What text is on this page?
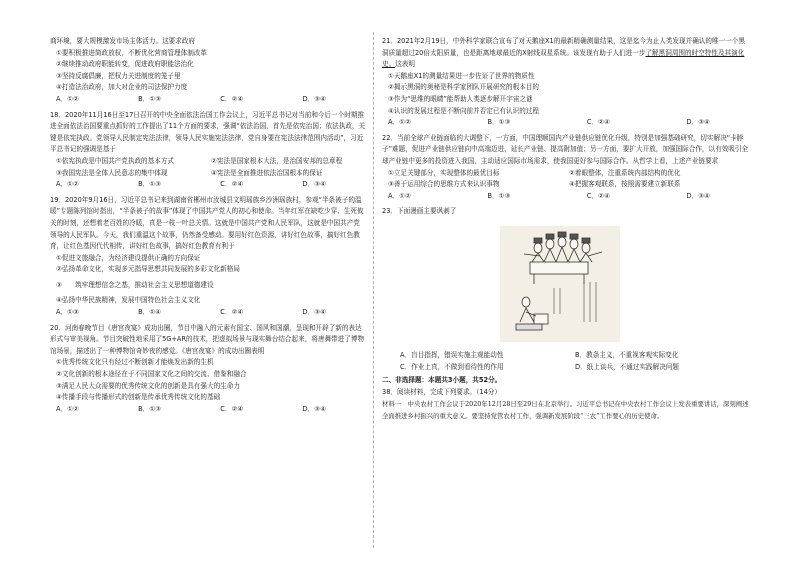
商环境，要大规模激发市场主体活力。这要求政府

①要积极推进简政放权，不断优化营商管理体制改革

②继续推动政府职能转变，促进政府职能法治化

③坚持反腐倡廉，把权力关进制度的笼子里

④打造法治政府，加大对企业的司法保护力度

A．①②	B．①③	C．②④	D．③④

18．2020年11月16日至17日召开的中央全面依法治国工作会议上，习近平总书记对当前和今后一个时期推进全面依法治国要重点抓好的工作提出了11个方面的要求，强调“依法治国，首先是依宪治国；依法执政，关键是依宪执政。党领导人民制定宪法法律，领导人民实施宪法法律，党自身要在宪法法律范围内活动”，习近平总书记的强调是基于

①依宪执政是中国共产党执政的基本方式	②宪法是国家根本大法，是治国安邦的总章程
③我国宪法是全体人民意志的集中体现	④宪法是全面推进依法治国根本的保证
A．①②	B．①③	C．②④	D．③④

19．2020年9月16日，习近平总书记来到湖南省郴州市汝城县文明瑶族乡沙洲瑶族村，参观“半条被子的温暖”专题陈列馆时指出，“半条被子的故事”体现了中国共产党人的初心和使命。当年红军在缺吃少穿、生死攸关的时刻，还想着老百姓的冷暖，真是一枝一叶总关情。这就是中国共产党和人民军队，这就是中国共产党领导的人民军队。今天，我们重温这个故事，仍然备受感动。要用好红色资源，讲好红色故事，搞好红色教育，让红色基因代代相传，讲好红色故事，搞好红色教育有利于

①促进文旅融合，为经济建设提供正确的方向保证

②弘扬革命文化，实现多元指导思想共同发展的多彩文化新格局

③　　筑牢理想信念之基，推动社会主义思想道德建设

④弘扬中华民族精神，发展中国特色社会主义文化

A．①③	B．①④	C．②④	D．③④

20．河南春晚节目《唐宫夜宴》成功出圈，节目中融入的元素有国宝、国风和国潮，呈现和开辟了新的表达形式与审美视角。节目突破性地采用了5G+AR的技术，把虚拟场景与现实舞台结合起来，将唐舞带进了博物馆场景，描述出了一种博物馆奇妙夜的感觉。《唐宫夜宴》的成功出圈表明

①优秀传统文化只有经过不断创新才能焕发出新的生机

②文化创新的根本途径在于不同国家文化之间的交流、借鉴和融合

③满足人民大众需要的优秀传统文化的创新是具有强大的生命力

④传播手段与传播形式的创新是传承优秀传统文化的基础

A．①②	B．①③	C．②④	D．③④

21．2021年2月19日，中外科学家联合宣布了对天鹅座X1的最新精确测量结果，这是迄今为止人类发现并确认的唯一一个黑洞质量超过20倍太阳质量，也是距离地球最近的X射线双星系统。该发现有助于人们进一步了解黑洞周围的时空特性及其演化史。这表明

①天鹅座X1的测量结果进一步佐证了世界的物质性

②揭示黑洞的奥秘是科学家团队开展研究的根本目的

③作为“思维的眼睛”能帮助人类逐步解开宇宙之谜

④认识的发展过程是不断向前并否定已有认识的过程

A．①②	B．①③	C．②④	D．③④

22．当前全球产业链面临的大调整下，一方面，中国理顺国内产业链供应链优化升级，特别是加强基础研究，切实解决“卡脖子”难题，促进产业链供应链向中高端迈进，延长产业链、提高附加值；另一方面，要扩大开放，加强国际合作，以有效吸引全球产业链中更多的投资进入我国，主动适应国际市场需求，使我国更好参与国际合作。从哲学上看，上述产业链要求

①立足关键部分，实现整体的最优目标	②着眼整体，注重系统内部结构的优化
③善于运用综合的思维方式来认识事物	④把握客观联系，按照需要建立新联系
A．①②	B．①③	C．②④	D．③④

23．下面漫画主要讽刺了

A．盲目指挥，错误实施主观能动性	B．教条主义，不重视客观实际变化
C．作业上真，不做到看待性的作用	D．纸上谈兵，不通过实践解决问题

二、非选择题：本题共3小题，共52分。

38．阅读材料，完成下列要求。（14分）

材料一　中央农村工作会议于2020年12月28日至29日在北京举行。习近平总书记在中央农村工作会议上发表重要讲话，深刻阐述全面推进乡村振兴的重大意义。要坚持党管农村工作，强调新发展阶段“三农”工作要心的历史使命。
